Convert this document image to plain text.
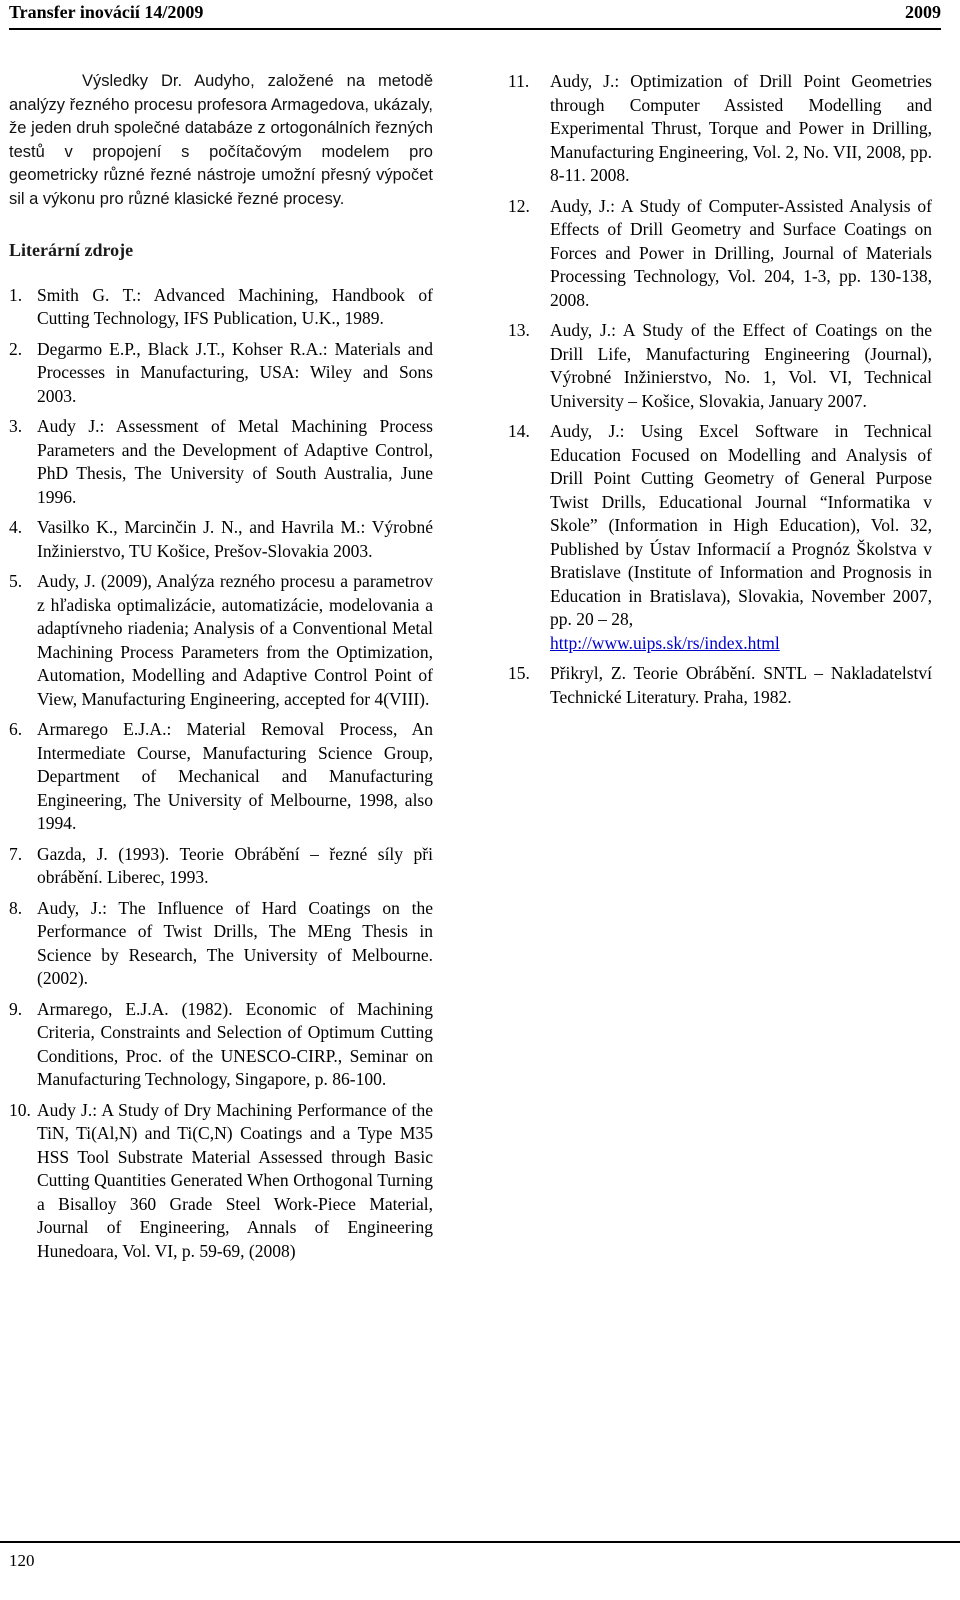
Transfer inovácií 14/2009	2009

Výsledky Dr. Audyho, založené na metodě analýzy řezného procesu profesora Armagedova, ukázaly, že jeden druh společné databáze z ortogonálních řezných testů v propojení s počítačovým modelem pro geometricky různé řezné nástroje umožní přesný výpočet sil a výkonu pro různé klasické řezné procesy.

Literární zdroje
1. Smith G. T.: Advanced Machining, Handbook of Cutting Technology, IFS Publication, U.K., 1989.
2. Degarmo E.P., Black J.T., Kohser R.A.: Materials and Processes in Manufacturing, USA: Wiley and Sons 2003.
3. Audy J.: Assessment of Metal Machining Process Parameters and the Development of Adaptive Control, PhD Thesis, The University of South Australia, June 1996.
4. Vasilko K., Marcinčin J. N., and Havrila M.: Výrobné Inžinierstvo, TU Košice, Prešov-Slovakia 2003.
5. Audy, J. (2009), Analýza rezného procesu a parametrov z hľadiska optimalizácie, automatizácie, modelovania a adaptívneho riadenia; Analysis of a Conventional Metal Machining Process Parameters from the Optimization, Automation, Modelling and Adaptive Control Point of View, Manufacturing Engineering, accepted for 4(VIII).
6. Armarego E.J.A.: Material Removal Process, An Intermediate Course, Manufacturing Science Group, Department of Mechanical and Manufacturing Engineering, The University of Melbourne, 1998, also 1994.
7. Gazda, J. (1993). Teorie Obrábění – řezné síly při obrábění. Liberec, 1993.
8. Audy, J.: The Influence of Hard Coatings on the Performance of Twist Drills, The MEng Thesis in Science by Research, The University of Melbourne. (2002).
9. Armarego, E.J.A. (1982). Economic of Machining Criteria, Constraints and Selection of Optimum Cutting Conditions, Proc. of the UNESCO-CIRP., Seminar on Manufacturing Technology, Singapore, p. 86-100.
10. Audy J.: A Study of Dry Machining Performance of the TiN, Ti(Al,N) and Ti(C,N) Coatings and a Type M35 HSS Tool Substrate Material Assessed through Basic Cutting Quantities Generated When Orthogonal Turning a Bisalloy 360 Grade Steel Work-Piece Material, Journal of Engineering, Annals of Engineering Hunedoara, Vol. VI, p. 59-69, (2008)
11.	Audy, J.: Optimization of Drill Point Geometries through Computer Assisted Modelling and Experimental Thrust, Torque and Power in Drilling, Manufacturing Engineering, Vol. 2, No. VII, 2008, pp. 8-11. 2008.
12.	Audy, J.: A Study of Computer-Assisted Analysis of Effects of Drill Geometry and Surface Coatings on Forces and Power in Drilling, Journal of Materials Processing Technology, Vol. 204, 1-3, pp. 130-138, 2008.
13.	Audy, J.: A Study of the Effect of Coatings on the Drill Life, Manufacturing Engineering (Journal), Výrobné Inžinierstvo, No. 1, Vol. VI, Technical University – Košice, Slovakia, January 2007.
14.	Audy, J.: Using Excel Software in Technical Education Focused on Modelling and Analysis of Drill Point Cutting Geometry of General Purpose Twist Drills, Educational Journal “Informatika v Skole” (Information in High Education), Vol. 32, Published by Ústav Informacií a Prognóz Školstva v Bratislave (Institute of Information and Prognosis in Education in Bratislava), Slovakia, November 2007, pp. 20 – 28,
http://www.uips.sk/rs/index.html
15.	Přikryl, Z. Teorie Obrábění. SNTL – Nakladatelství Technické Literatury. Praha, 1982.
120
